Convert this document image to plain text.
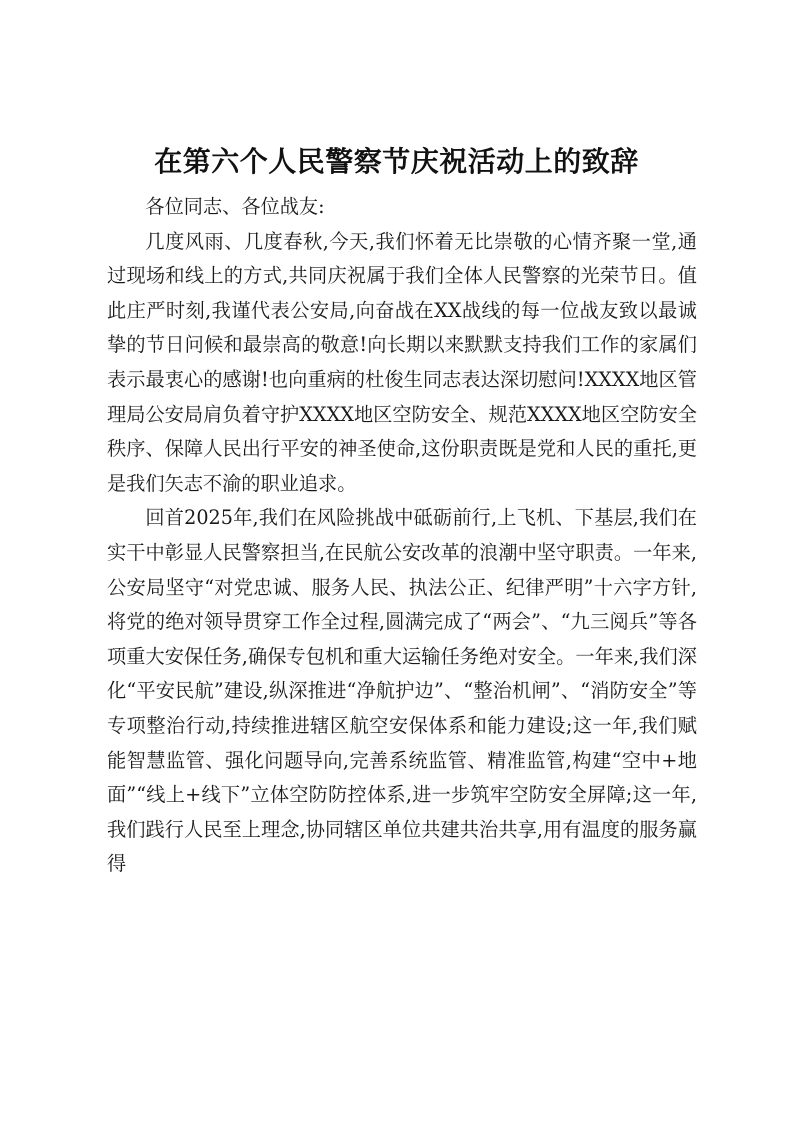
在第六个人民警察节庆祝活动上的致辞

各位同志、各位战友:

几度风雨、几度春秋,今天,我们怀着无比崇敬的心情齐聚一堂,通过现场和线上的方式,共同庆祝属于我们全体人民警察的光荣节日。值此庄严时刻,我谨代表公安局,向奋战在XX战线的每一位战友致以最诚挚的节日问候和最崇高的敬意!向长期以来默默支持我们工作的家属们表示最衷心的感谢!也向重病的杜俊生同志表达深切慰问!XXXX地区管理局公安局肩负着守护XXXX地区空防安全、规范XXXX地区空防安全秩序、保障人民出行平安的神圣使命,这份职责既是党和人民的重托,更是我们矢志不渝的职业追求。

回首2025年,我们在风险挑战中砥砺前行,上飞机、下基层,我们在实干中彰显人民警察担当,在民航公安改革的浪潮中坚守职责。一年来,公安局坚守“对党忠诚、服务人民、执法公正、纪律严明”十六字方针,将党的绝对领导贯穿工作全过程,圆满完成了“两会”、“九三阅兵”等各项重大安保任务,确保专包机和重大运输任务绝对安全。一年来,我们深化“平安民航”建设,纵深推进“净航护边”、“整治机闸”、“消防安全”等专项整治行动,持续推进辖区航空安保体系和能力建设;这一年,我们赋能智慧监管、强化问题导向,完善系统监管、精准监管,构建“空中+地面”“线上+线下”立体空防防控体系,进一步筑牢空防安全屏障;这一年,我们践行人民至上理念,协同辖区单位共建共治共享,用有温度的服务赢得
